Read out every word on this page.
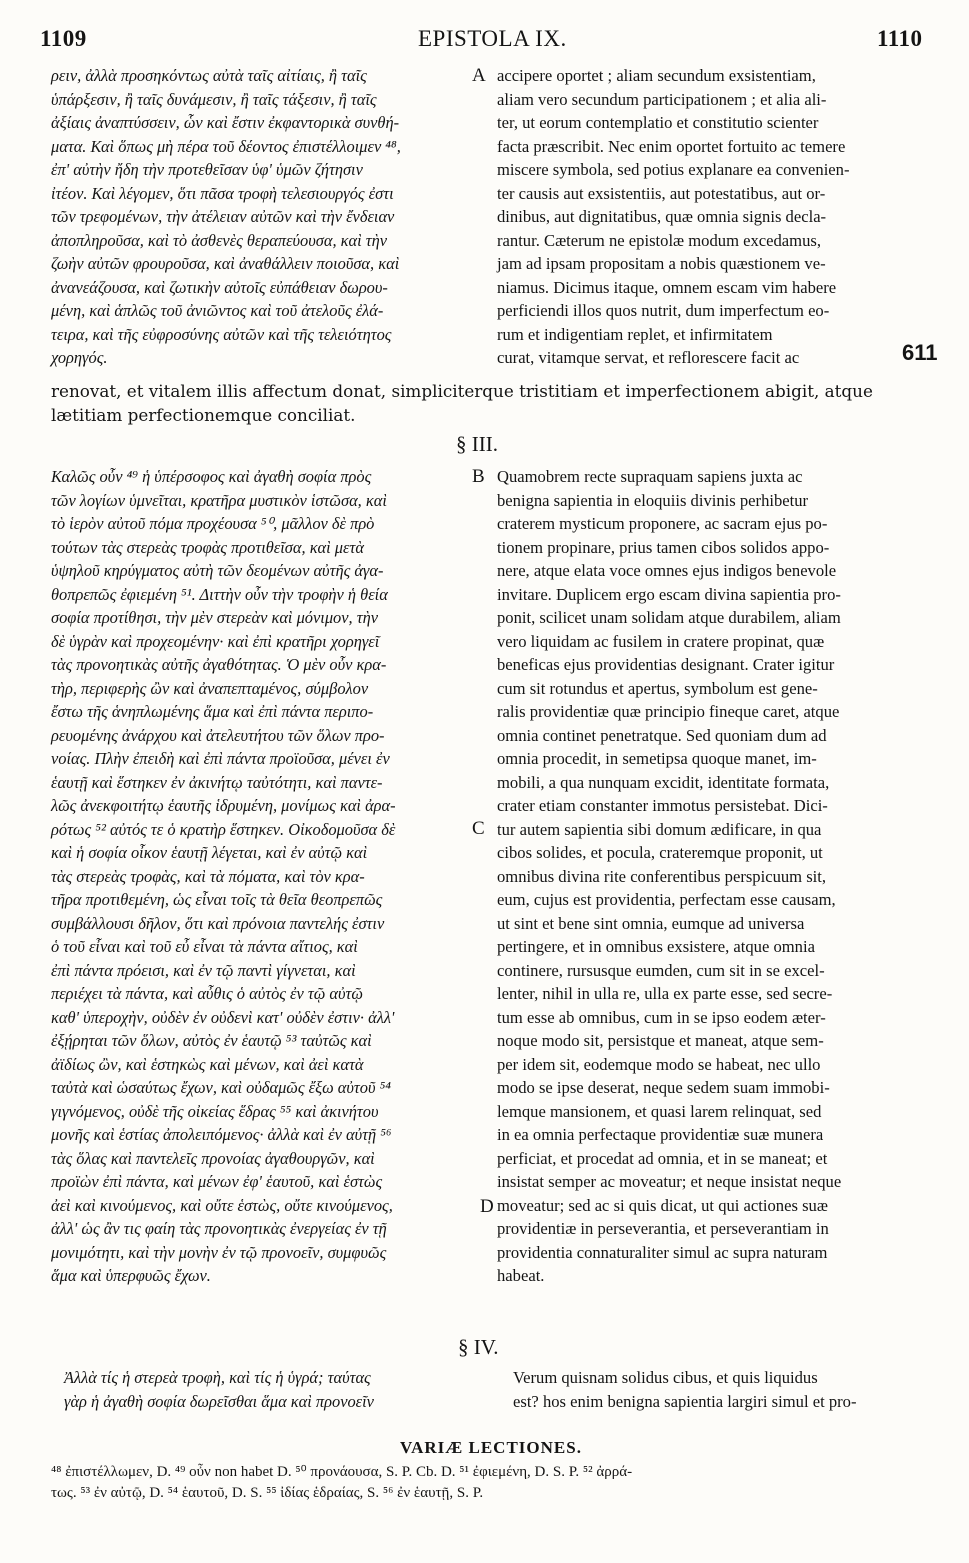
1109	EPISTOLA IX.	1110
ρειν, ἀλλὰ προσηκόντως αὐτὰ ταῖς αἰτίαις, ἢ ταῖς
ὑπάρξεσιν, ἢ ταῖς δυνάμεσιν, ἢ ταῖς τάξεσιν, ἢ ταῖς
ἀξίαις ἀναπτύσσειν, ὧν καὶ ἔστιν ἐκφαντορικὰ συνθή-
ματα. Καὶ ὅπως μὴ πέρα τοῦ δέοντος ἐπιστέλλοιμεν ⁴⁸,
ἐπ' αὐτὴν ἤδη τὴν προτεθεῖσαν ὑφ' ὑμῶν ζήτησιν
ἰτέον. Καὶ λέγομεν, ὅτι πᾶσα τροφὴ τελεσιουργός ἐστι
τῶν τρεφομένων, τὴν ἀτέλειαν αὐτῶν καὶ τὴν ἔνδειαν
ἀποπληροῦσα, καὶ τὸ ἀσθενὲς θεραπεύουσα, καὶ τὴν
ζωὴν αὐτῶν φρουροῦσα, καὶ ἀναθάλλειν ποιοῦσα, καὶ
ἀνανεάζουσα, καὶ ζωτικὴν αὐτοῖς εὐπάθειαν δωρου-
μένη, καὶ ἁπλῶς τοῦ ἀνιῶντος καὶ τοῦ ἀτελοῦς ἐλά-
τειρα, καὶ τῆς εὐφροσύνης αὐτῶν καὶ τῆς τελειότητος
χορηγός.
accipere oportet ; aliam secundum exsistentiam,
aliam vero secundum participationem ; et alia ali-
ter, ut eorum contemplatio et constitutio scienter
facta præscribit. Nec enim oportet fortuito ac temere
miscere symbola, sed potius explanare ea convenien-
ter causis aut exsistentiis, aut potestatibus, aut or-
dinibus, aut dignitatibus, quæ omnia signis decla-
rantur. Cæterum ne epistolæ modum excedamus,
jam ad ipsam propositam a nobis quæstionem ve-
niamus. Dicimus itaque, omnem escam vim habere
perficiendi illos quos nutrit, dum imperfectum eo-
rum et indigentiam replet, et infirmitatem
curat, vitamque servat, et reflorescere facit ac
A
611
renovat, et vitalem illis affectum donat, simpliciterque tristitiam et imperfectionem abigit, atque
lætitiam perfectionemque conciliat.
§ III.
Καλῶς οὖν ⁴⁹ ἡ ὑπέρσοφος καὶ ἀγαθὴ σοφία πρὸς
τῶν λογίων ὑμνεῖται, κρατῆρα μυστικὸν ἱστῶσα, καὶ
τὸ ἱερὸν αὐτοῦ πόμα προχέουσα ⁵⁰, μᾶλλον δὲ πρὸ
τούτων τὰς στερεὰς τροφὰς προτιθεῖσα, καὶ μετὰ
ὑψηλοῦ κηρύγματος αὐτὴ τῶν δεομένων αὐτῆς ἀγα-
θοπρεπῶς ἐφιεμένη ⁵¹. Διττὴν οὖν τὴν τροφὴν ἡ θεία
σοφία προτίθησι, τὴν μὲν στερεὰν καὶ μόνιμον, τὴν
δὲ ὑγρὰν καὶ προχεομένην· καὶ ἐπὶ κρατῆρι χορηγεῖ
τὰς προνοητικὰς αὐτῆς ἀγαθότητας. Ὁ μὲν οὖν κρα-
τὴρ, περιφερὴς ὢν καὶ ἀναπεπταμένος, σύμβολον
ἔστω τῆς ἁνηπλωμένης ἅμα καὶ ἐπὶ πάντα περιπο-
ρευομένης ἀνάρχου καὶ ἀτελευτήτου τῶν ὅλων προ-
νοίας. Πλὴν ἐπειδὴ καὶ ἐπὶ πάντα προϊοῦσα, μένει ἐν
ἑαυτῇ καὶ ἕστηκεν ἐν ἀκινήτῳ ταὐτότητι, καὶ παντε-
λῶς ἀνεκφοιτήτῳ ἑαυτῆς ἱδρυμένη, μονίμως καὶ ἀρα-
ρότως ⁵² αὐτός τε ὁ κρατὴρ ἕστηκεν. Οἰκοδομοῦσα δὲ
καὶ ἡ σοφία οἶκον ἑαυτῇ λέγεται, καὶ ἐν αὐτῷ καὶ
τὰς στερεὰς τροφὰς, καὶ τὰ πόματα, καὶ τὸν κρα-
τῆρα προτιθεμένη, ὡς εἶναι τοῖς τὰ θεῖα θεοπρεπῶς
συμβάλλουσι δῆλον, ὅτι καὶ πρόνοια παντελής ἐστιν
ὁ τοῦ εἶναι καὶ τοῦ εὖ εἶναι τὰ πάντα αἴτιος, καὶ
ἐπὶ πάντα πρόεισι, καὶ ἐν τῷ παντὶ γίγνεται, καὶ
περιέχει τὰ πάντα, καὶ αὖθις ὁ αὐτὸς ἐν τῷ αὐτῷ
καθ' ὑπεροχὴν, οὐδὲν ἐν οὐδενὶ κατ' οὐδὲν ἐστιν· ἀλλ'
ἐξῄρηται τῶν ὅλων, αὐτὸς ἐν ἑαυτῷ ⁵³ ταὐτῶς καὶ
ἀϊδίως ὢν, καὶ ἑστηκὼς καὶ μένων, καὶ ἀεὶ κατὰ
ταὐτὰ καὶ ὡσαύτως ἔχων, καὶ οὐδαμῶς ἔξω αὐτοῦ ⁵⁴
γιγνόμενος, οὐδὲ τῆς οἰκείας ἕδρας ⁵⁵ καὶ ἀκινήτου
μονῆς καὶ ἑστίας ἀπολειπόμενος· ἀλλὰ καὶ ἐν αὐτῇ ⁵⁶
τὰς ὅλας καὶ παντελεῖς προνοίας ἀγαθουργῶν, καὶ
προϊὼν ἐπὶ πάντα, καὶ μένων ἐφ' ἑαυτοῦ, καὶ ἑστὼς
ἀεὶ καὶ κινούμενος, καὶ οὔτε ἑστὼς, οὔτε κινούμενος,
ἀλλ' ὡς ἂν τις φαίη τὰς προνοητικὰς ἐνεργείας ἐν τῇ
μονιμότητι, καὶ τὴν μονὴν ἐν τῷ προνοεῖν, συμφυῶς
ἅμα καὶ ὑπερφυῶς ἔχων.
Quamobrem recte supraquam sapiens juxta ac
benigna sapientia in eloquiis divinis perhibetur
craterem mysticum proponere, ac sacram ejus po-
tionem propinare, prius tamen cibos solidos appo-
nere, atque elata voce omnes ejus indigos benevole
invitare. Duplicem ergo escam divina sapientia pro-
ponit, scilicet unam solidam atque durabilem, aliam
vero liquidam ac fusilem in cratere propinat, quæ
beneficas ejus providentias designant. Crater igitur
cum sit rotundus et apertus, symbolum est gene-
ralis providentiæ quæ principio fineque caret, atque
omnia continet penetratque. Sed quoniam dum ad
omnia procedit, in semetipsa quoque manet, im-
mobili, a qua nunquam excidit, identitate formata,
crater etiam constanter immotus persistebat. Dici-
tur autem sapientia sibi domum ædificare, in qua
cibos solides, et pocula, crateremque proponit, ut
omnibus divina rite conferentibus perspicuum sit,
eum, cujus est providentia, perfectam esse causam,
ut sint et bene sint omnia, eumque ad universa
pertingere, et in omnibus exsistere, atque omnia
continere, rursusque eumden, cum sit in se excel-
lenter, nihil in ulla re, ulla ex parte esse, sed secre-
tum esse ab omnibus, cum in se ipso eodem æter-
noque modo sit, persistque et maneat, atque sem-
per idem sit, eodemque modo se habeat, nec ullo
modo se ipse deserat, neque sedem suam immobi-
lemque mansionem, et quasi larem relinquat, sed
in ea omnia perfectaque providentiæ suæ munera
perficiat, et procedat ad omnia, et in se maneat; et
insistat semper ac moveatur; et neque insistat neque
moveatur; sed ac si quis dicat, ut qui actiones suæ
providentiæ in perseverantia, et perseverantiam in
providentia connaturaliter simul ac supra naturam
habeat.
B
C
D
§ IV.
Ἀλλὰ τίς ἡ στερεὰ τροφὴ, καὶ τίς ἡ ὑγρά; ταύτας
γὰρ ἡ ἀγαθὴ σοφία δωρεῖσθαι ἅμα καὶ προνοεῖν
Verum quisnam solidus cibus, et quis liquidus
est? hos enim benigna sapientia largiri simul et pro-
VARIÆ LECTIONES.
⁴⁸ ἐπιστέλλωμεν, D. ⁴⁹ οὖν non habet D. ⁵⁰ προνάουσα, S. P. Cb. D. ⁵¹ ἐφιεμένη, D. S. P. ⁵² ἀρρά-
τως. ⁵³ ἐν αὐτῷ, D. ⁵⁴ ἑαυτοῦ, D. S. ⁵⁵ ἰδίας ἑδραίας, S. ⁵⁶ ἐν ἑαυτῇ, S. P.
